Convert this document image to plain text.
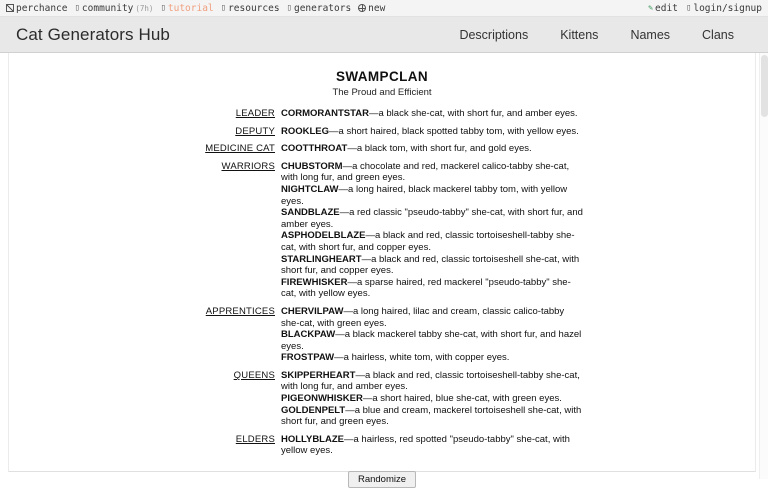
perchance ▯ community (7h) ▯ tutorial ▯ resources ▯ generators new	✎ edit ▯ login/signup
Cat Generators Hub	Descriptions	Kittens	Names	Clans
SWAMPCLAN
The Proud and Efficient
LEADER CORMORANTSTAR—a black she-cat, with short fur, and amber eyes.
DEPUTY ROOKLEG—a short haired, black spotted tabby tom, with yellow eyes.
MEDICINE CAT COOTTHROAT—a black tom, with short fur, and gold eyes.
WARRIORS CHUBSTORM—a chocolate and red, mackerel calico-tabby she-cat, with long fur, and green eyes.
NIGHTCLAW—a long haired, black mackerel tabby tom, with yellow eyes.
SANDBLAZE—a red classic "pseudo-tabby" she-cat, with short fur, and amber eyes.
ASPHODELBLAZE—a black and red, classic tortoiseshell-tabby she-cat, with short fur, and copper eyes.
STARLINGHEART—a black and red, classic tortoiseshell she-cat, with short fur, and copper eyes.
FIREWHISKER—a sparse haired, red mackerel "pseudo-tabby" she-cat, with yellow eyes.
APPRENTICES CHERVILPAW—a long haired, lilac and cream, classic calico-tabby she-cat, with green eyes.
BLACKPAW—a black mackerel tabby she-cat, with short fur, and hazel eyes.
FROSTPAW—a hairless, white tom, with copper eyes.
QUEENS SKIPPERHEART—a black and red, classic tortoiseshell-tabby she-cat, with long fur, and amber eyes.
PIGEONWHISKER—a short haired, blue she-cat, with green eyes.
GOLDENPELT—a blue and cream, mackerel tortoiseshell she-cat, with short fur, and green eyes.
ELDERS HOLLYBLAZE—a hairless, red spotted "pseudo-tabby" she-cat, with yellow eyes.
Randomize
